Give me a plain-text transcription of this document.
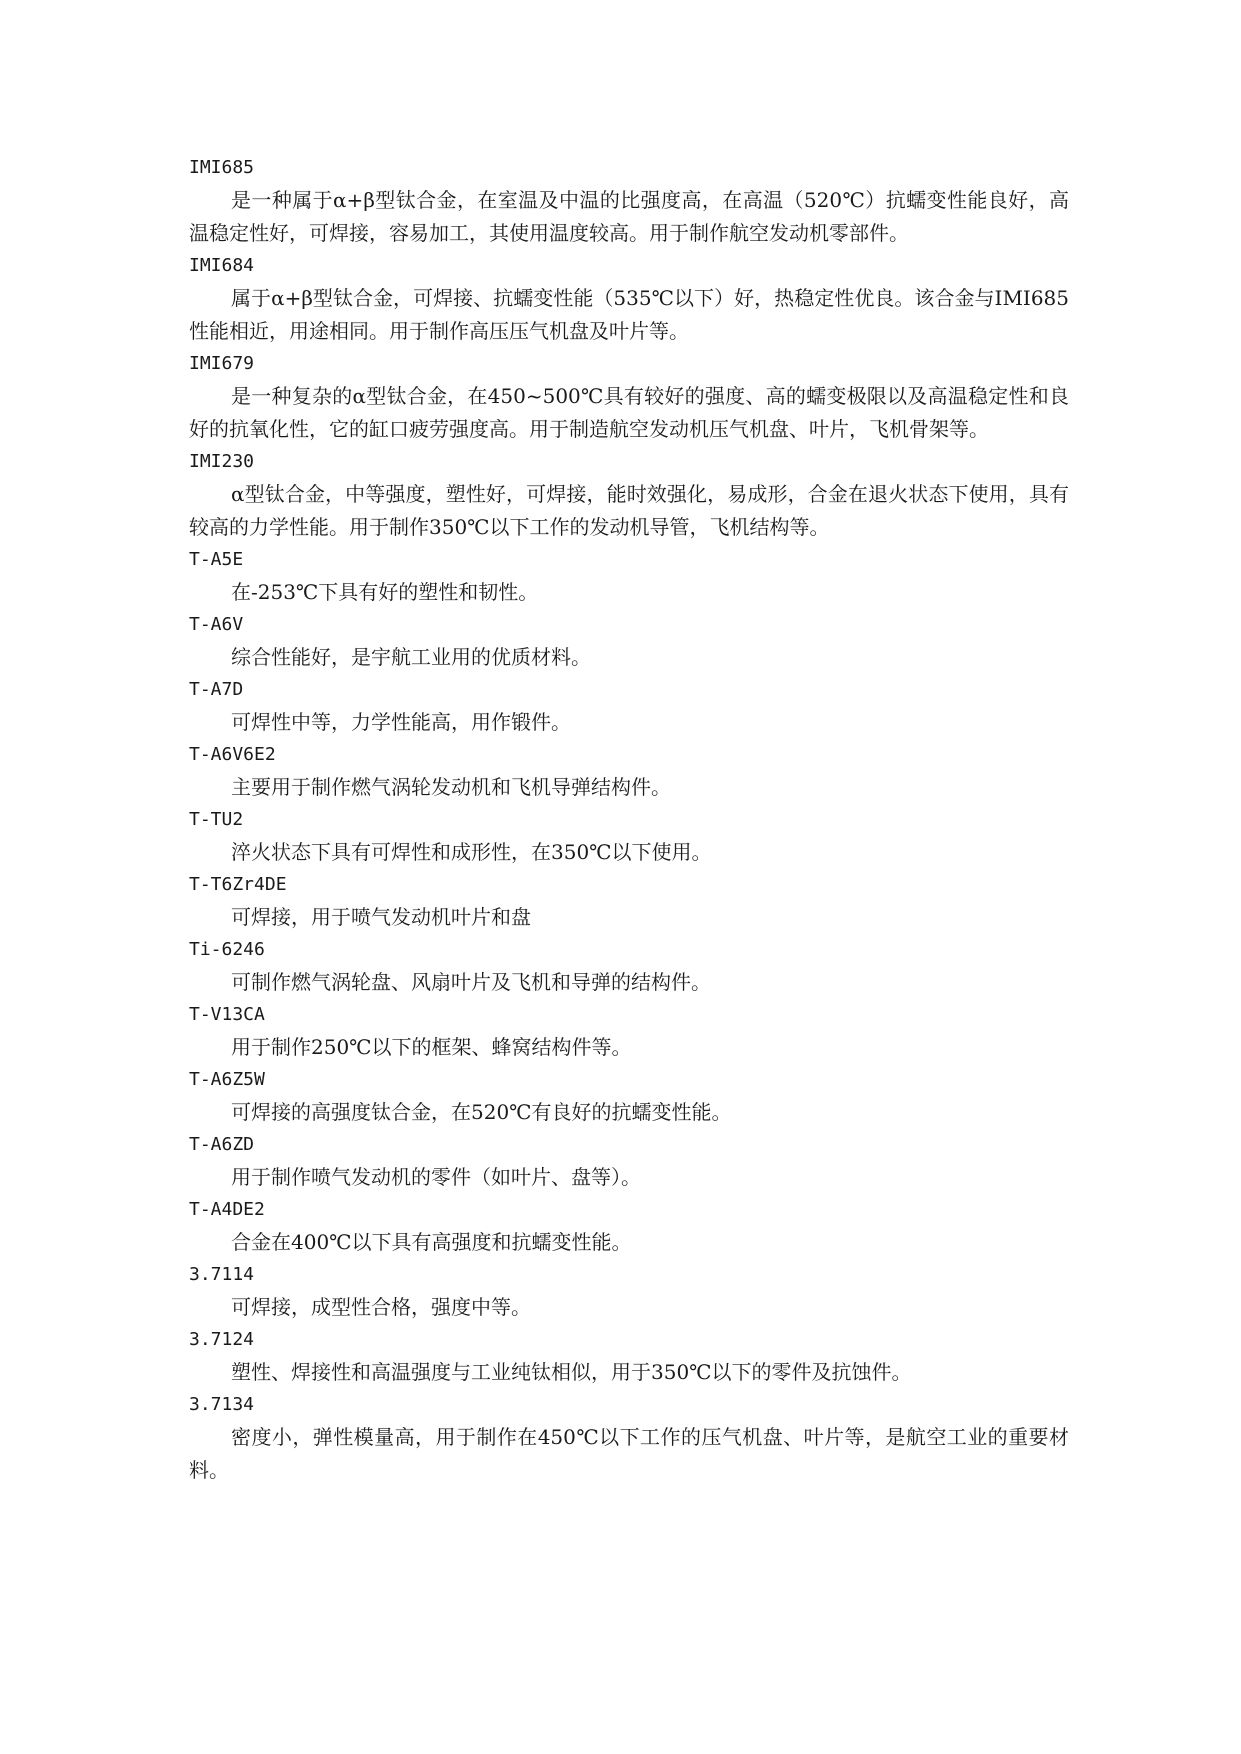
IMI685

是一种属于α+β型钛合金，在室温及中温的比强度高，在高温（520℃）抗蠕变性能良好，高温稳定性好，可焊接，容易加工，其使用温度较高。用于制作航空发动机零部件。

IMI684

属于α+β型钛合金，可焊接、抗蠕变性能（535℃以下）好，热稳定性优良。该合金与IMI685性能相近，用途相同。用于制作高压压气机盘及叶片等。

IMI679

是一种复杂的α型钛合金，在450~500℃具有较好的强度、高的蠕变极限以及高温稳定性和良好的抗氧化性，它的缸口疲劳强度高。用于制造航空发动机压气机盘、叶片，飞机骨架等。

IMI230

α型钛合金，中等强度，塑性好，可焊接，能时效强化，易成形，合金在退火状态下使用，具有较高的力学性能。用于制作350℃以下工作的发动机导管，飞机结构等。

T-A5E

在-253℃下具有好的塑性和韧性。

T-A6V

综合性能好，是宇航工业用的优质材料。

T-A7D

可焊性中等，力学性能高，用作锻件。

T-A6V6E2

主要用于制作燃气涡轮发动机和飞机导弹结构件。

T-TU2

淬火状态下具有可焊性和成形性，在350℃以下使用。

T-T6Zr4DE

可焊接，用于喷气发动机叶片和盘

Ti-6246

可制作燃气涡轮盘、风扇叶片及飞机和导弹的结构件。

T-V13CA

用于制作250℃以下的框架、蜂窝结构件等。

T-A6Z5W

可焊接的高强度钛合金，在520℃有良好的抗蠕变性能。

T-A6ZD

用于制作喷气发动机的零件（如叶片、盘等）。

T-A4DE2

合金在400℃以下具有高强度和抗蠕变性能。

3.7114

可焊接，成型性合格，强度中等。

3.7124

塑性、焊接性和高温强度与工业纯钛相似，用于350℃以下的零件及抗蚀件。

3.7134

密度小，弹性模量高，用于制作在450℃以下工作的压气机盘、叶片等，是航空工业的重要材料。
